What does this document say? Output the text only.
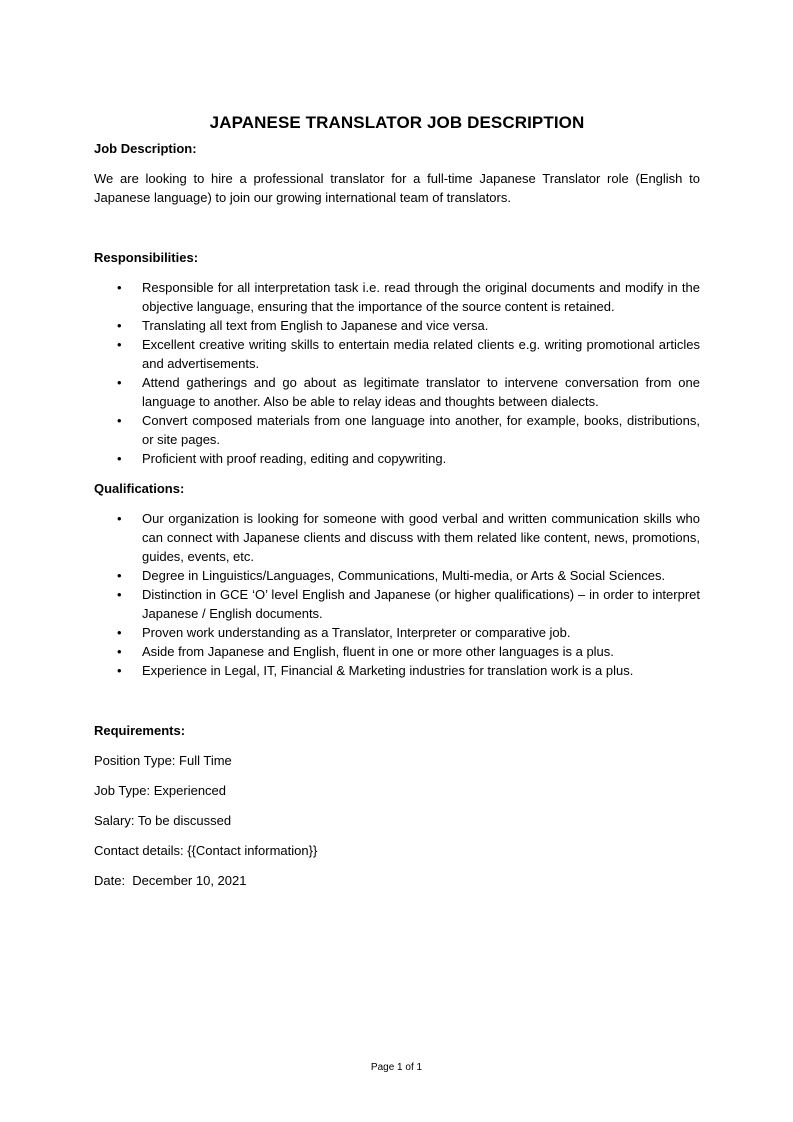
JAPANESE TRANSLATOR JOB DESCRIPTION

Job Description:

We are looking to hire a professional translator for a full-time Japanese Translator role (English to Japanese language) to join our growing international team of translators.

Responsibilities:

• Responsible for all interpretation task i.e. read through the original documents and modify in the objective language, ensuring that the importance of the source content is retained.
• Translating all text from English to Japanese and vice versa.
• Excellent creative writing skills to entertain media related clients e.g. writing promotional articles and advertisements.
• Attend gatherings and go about as legitimate translator to intervene conversation from one language to another. Also be able to relay ideas and thoughts between dialects.
• Convert composed materials from one language into another, for example, books, distributions, or site pages.
• Proficient with proof reading, editing and copywriting.

Qualifications:

• Our organization is looking for someone with good verbal and written communication skills who can connect with Japanese clients and discuss with them related like content, news, promotions, guides, events, etc.
• Degree in Linguistics/Languages, Communications, Multi-media, or Arts & Social Sciences.
• Distinction in GCE ‘O’ level English and Japanese (or higher qualifications) – in order to interpret Japanese / English documents.
• Proven work understanding as a Translator, Interpreter or comparative job.
• Aside from Japanese and English, fluent in one or more other languages is a plus.
• Experience in Legal, IT, Financial & Marketing industries for translation work is a plus.

Requirements:

Position Type: Full Time

Job Type: Experienced

Salary: To be discussed

Contact details: {{Contact information}}

Date:  December 10, 2021

Page 1 of 1
